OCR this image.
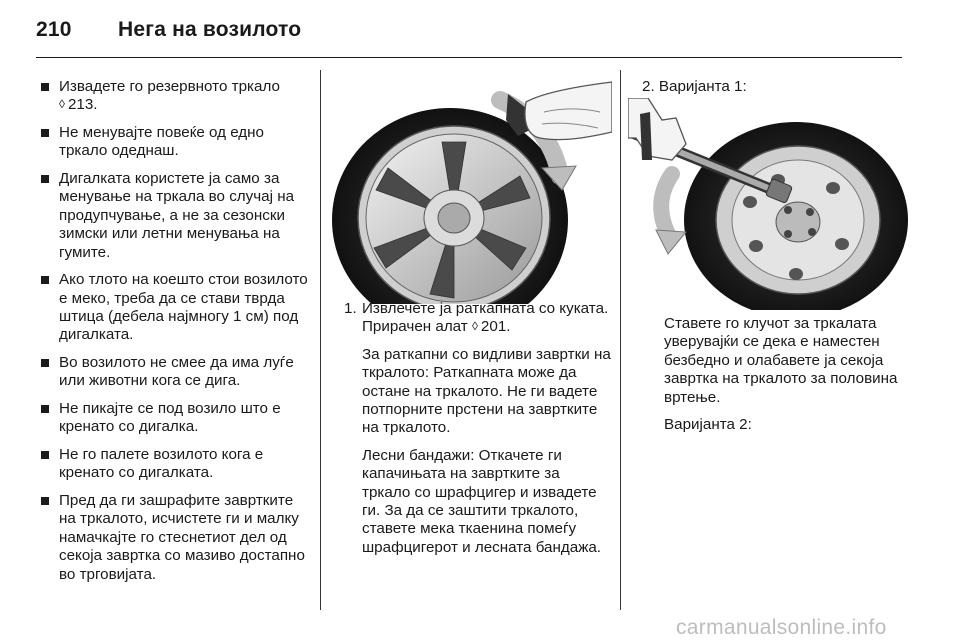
210	Нега на возилото
Извадете го резервното тркало
◊ 213.
Не менувајте повеќе од едно тркало одеднаш.
Дигалката користете ја само за менување на тркала во случај на продупчување, а не за сезонски зимски или летни менувања на гумите.
Ако тлото на коешто стои возилото е меко, треба да се стави тврда штица (дебела најмногу 1 см) под дигалката.
Во возилото не смее да има луѓе или животни кога се дига.
Не пикајте се под возило што е кренато со дигалка.
Не го палете возилото кога е кренато со дигалката.
Пред да ги зашрафите завртките на тркалото, исчистете ги и малку намачкајте го стеснетиот дел од секоја завртка со мазиво достапно во трговијата.
1. Извлечете ја раткапната со куката. Прирачен алат ◊ 201.

За раткапни со видливи завртки на ткралото: Раткапната може да остане на тркалото. Не ги вадете потпорните прстени на завртките на тркалото.

Лесни бандажи: Откачете ги капачињата на завртките за тркало со шрафцигер и извадете ги. За да се заштити тркалото, ставете мека ткаенина помеѓу шрафцигерот и лесната бандажа.

2. Варијанта 1:

Ставете го клучот за тркалата уверувајќи се дека е наместен безбедно и олабавете ја секоја завртка на тркалото за половина вртење.

Варијанта 2:

carmanualsonline.info
